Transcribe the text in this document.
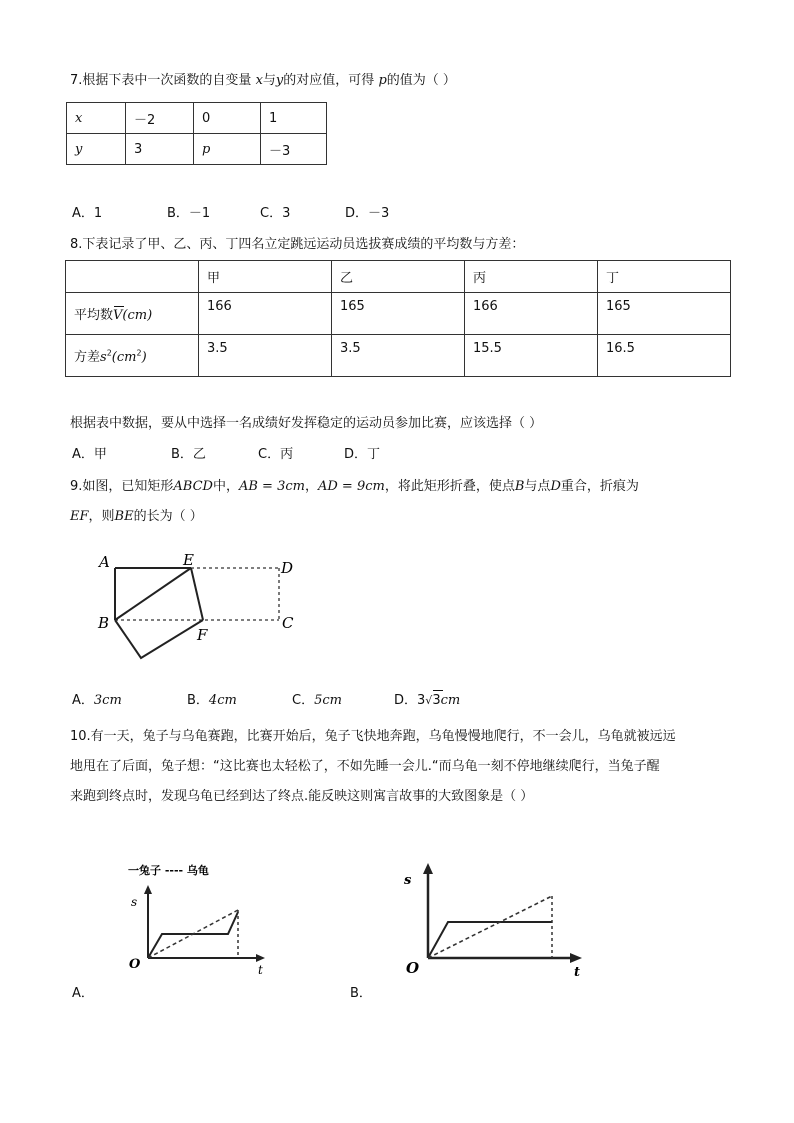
7.根据下表中一次函数的自变量 x与y的对应值，可得 p的值为（ ）
x	－2	0	1
y	3	p	－3
A．1	B．－1	C．3	D．－3
8.下表记录了甲、乙、丙、丁四名立定跳远运动员选拔赛成绩的平均数与方差：
	甲	乙	丙	丁
平均数V(cm)	166	165	166	165
方差$s^2(cm^2)$	3.5	3.5	15.5	16.5
根据表中数据，要从中选择一名成绩好发挥稳定的运动员参加比赛，应该选择（ ）
A．甲	B．乙	C．丙	D．丁
9.如图，已知矩形ABCD中，AB = 3cm，AD = 9cm，将此矩形折叠，使点B与点D重合，折痕为
EF，则BE的长为（ ）
A	E	D
B
F
C
A．3cm	B．4cm	C．5cm	D．3√3cm
10.有一天，兔子与乌龟赛跑，比赛开始后，兔子飞快地奔跑，乌龟慢慢地爬行，不一会儿，乌龟就被远远
地甩在了后面，兔子想：“这比赛也太轻松了，不如先睡一会儿.“而乌龟一刻不停地继续爬行，当兔子醒
来跑到终点时，发现乌龟已经到达了终点.能反映这则寓言故事的大致图象是（ ）
一兔子 ---- 乌龟
s
t
O
A．
s
t
O
B．
